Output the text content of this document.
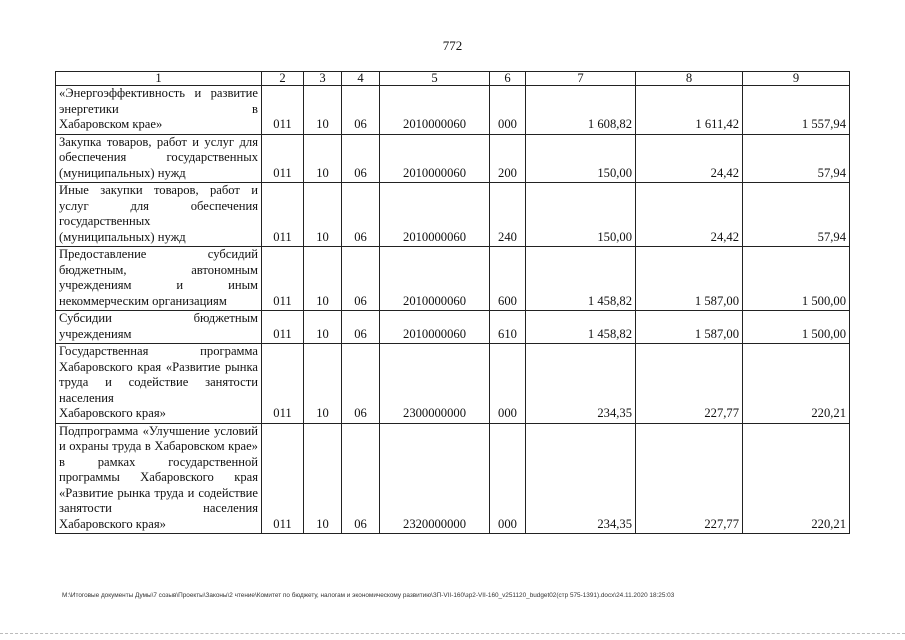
772
1	2	3	4	5	6	7	8	9
«Энергоэффективность и развитие энергетики в
Хабаровском крае»	011	10	06	2010000060	000	1 608,82	1 611,42	1 557,94
Закупка товаров, работ и услуг для обеспечения государственных
(муниципальных) нужд	011	10	06	2010000060	200	150,00	24,42	57,94
Иные закупки товаров, работ и услуг для обеспечения государственных
(муниципальных) нужд	011	10	06	2010000060	240	150,00	24,42	57,94
Предоставление субсидий бюджетным, автономным учреждениям и иным
некоммерческим организациям	011	10	06	2010000060	600	1 458,82	1 587,00	1 500,00
Субсидии бюджетным
учреждениям	011	10	06	2010000060	610	1 458,82	1 587,00	1 500,00
Государственная программа Хабаровского края «Развитие рынка труда и содействие занятости населения
Хабаровского края»	011	10	06	2300000000	000	234,35	227,77	220,21
Подпрограмма «Улучшение условий и охраны труда в Хабаровском крае» в рамках государственной программы Хабаровского края «Развитие рынка труда и содействие занятости населения
Хабаровского края»	011	10	06	2320000000	000	234,35	227,77	220,21
M:\Итоговые документы Думы\7 созыв\Проекты\Законы\2 чтение\Комитет по бюджету, налогам и экономическому развитию\ЗП-VII-160\зр2-VII-160_v251120_budget02(стр 575-1391).docx\24.11.2020 18:25:03
